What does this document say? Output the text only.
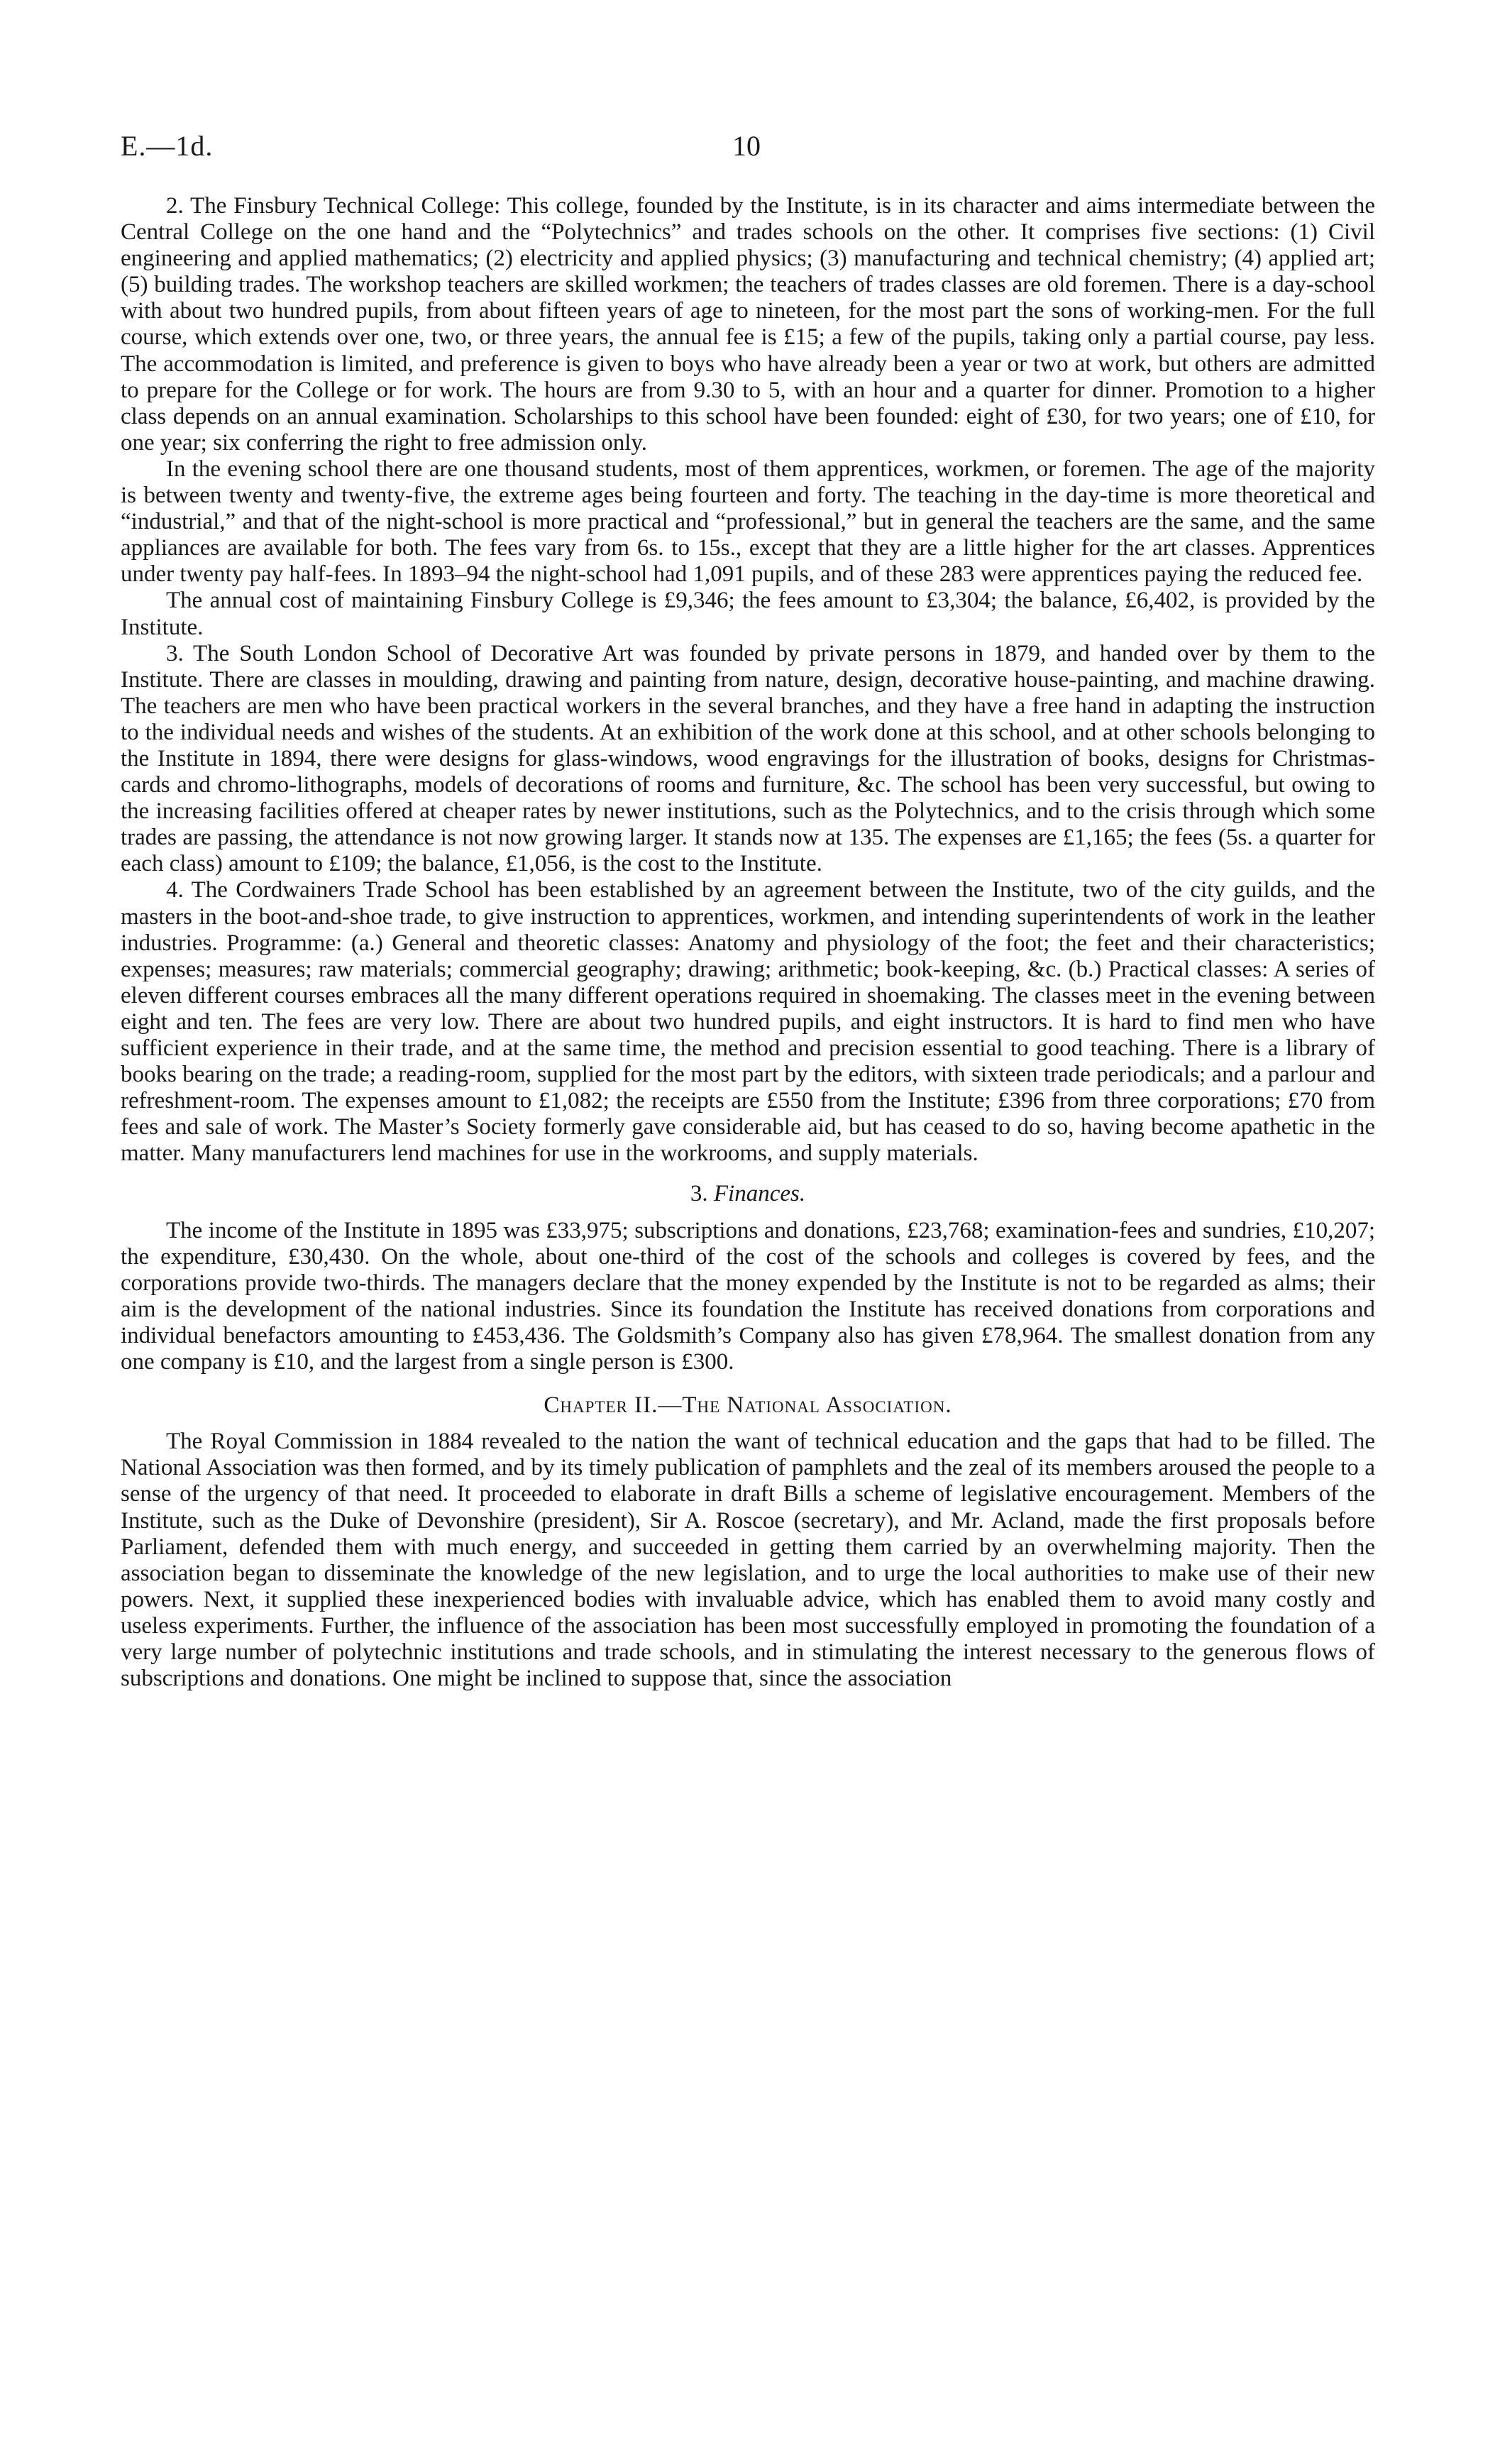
E.—1d.	10

2. The Finsbury Technical College: This college, founded by the Institute, is in its character and aims intermediate between the Central College on the one hand and the “Polytechnics” and trades schools on the other. It comprises five sections: (1) Civil engineering and applied mathematics; (2) electricity and applied physics; (3) manufacturing and technical chemistry; (4) applied art; (5) building trades. The workshop teachers are skilled workmen; the teachers of trades classes are old foremen. There is a day-school with about two hundred pupils, from about fifteen years of age to nineteen, for the most part the sons of working-men. For the full course, which extends over one, two, or three years, the annual fee is £15; a few of the pupils, taking only a partial course, pay less. The accommodation is limited, and preference is given to boys who have already been a year or two at work, but others are admitted to prepare for the College or for work. The hours are from 9.30 to 5, with an hour and a quarter for dinner. Promotion to a higher class depends on an annual examination. Scholarships to this school have been founded: eight of £30, for two years; one of £10, for one year; six conferring the right to free admission only.

In the evening school there are one thousand students, most of them apprentices, workmen, or foremen. The age of the majority is between twenty and twenty-five, the extreme ages being fourteen and forty. The teaching in the day-time is more theoretical and “industrial,” and that of the night-school is more practical and “professional,” but in general the teachers are the same, and the same appliances are available for both. The fees vary from 6s. to 15s., except that they are a little higher for the art classes. Apprentices under twenty pay half-fees. In 1893–94 the night-school had 1,091 pupils, and of these 283 were apprentices paying the reduced fee.

The annual cost of maintaining Finsbury College is £9,346; the fees amount to £3,304; the balance, £6,402, is provided by the Institute.

3. The South London School of Decorative Art was founded by private persons in 1879, and handed over by them to the Institute. There are classes in moulding, drawing and painting from nature, design, decorative house-painting, and machine drawing. The teachers are men who have been practical workers in the several branches, and they have a free hand in adapting the instruction to the individual needs and wishes of the students. At an exhibition of the work done at this school, and at other schools belonging to the Institute in 1894, there were designs for glass-windows, wood engravings for the illustration of books, designs for Christmas-cards and chromo-lithographs, models of decorations of rooms and furniture, &c. The school has been very successful, but owing to the increasing facilities offered at cheaper rates by newer institutions, such as the Polytechnics, and to the crisis through which some trades are passing, the attendance is not now growing larger. It stands now at 135. The expenses are £1,165; the fees (5s. a quarter for each class) amount to £109; the balance, £1,056, is the cost to the Institute.

4. The Cordwainers Trade School has been established by an agreement between the Institute, two of the city guilds, and the masters in the boot-and-shoe trade, to give instruction to apprentices, workmen, and intending superintendents of work in the leather industries. Programme: (a.) General and theoretic classes: Anatomy and physiology of the foot; the feet and their characteristics; expenses; measures; raw materials; commercial geography; drawing; arithmetic; book-keeping, &c. (b.) Practical classes: A series of eleven different courses embraces all the many different operations required in shoemaking. The classes meet in the evening between eight and ten. The fees are very low. There are about two hundred pupils, and eight instructors. It is hard to find men who have sufficient experience in their trade, and at the same time, the method and precision essential to good teaching. There is a library of books bearing on the trade; a reading-room, supplied for the most part by the editors, with sixteen trade periodicals; and a parlour and refreshment-room. The expenses amount to £1,082; the receipts are £550 from the Institute; £396 from three corporations; £70 from fees and sale of work. The Master’s Society formerly gave considerable aid, but has ceased to do so, having become apathetic in the matter. Many manufacturers lend machines for use in the workrooms, and supply materials.

3. Finances.

The income of the Institute in 1895 was £33,975; subscriptions and donations, £23,768; examination-fees and sundries, £10,207; the expenditure, £30,430. On the whole, about one-third of the cost of the schools and colleges is covered by fees, and the corporations provide two-thirds. The managers declare that the money expended by the Institute is not to be regarded as alms; their aim is the development of the national industries. Since its foundation the Institute has received donations from corporations and individual benefactors amounting to £453,436. The Goldsmith’s Company also has given £78,964. The smallest donation from any one company is £10, and the largest from a single person is £300.

Chapter II.—The National Association.

The Royal Commission in 1884 revealed to the nation the want of technical education and the gaps that had to be filled. The National Association was then formed, and by its timely publication of pamphlets and the zeal of its members aroused the people to a sense of the urgency of that need. It proceeded to elaborate in draft Bills a scheme of legislative encouragement. Members of the Institute, such as the Duke of Devonshire (president), Sir A. Roscoe (secretary), and Mr. Acland, made the first proposals before Parliament, defended them with much energy, and succeeded in getting them carried by an overwhelming majority. Then the association began to disseminate the knowledge of the new legislation, and to urge the local authorities to make use of their new powers. Next, it supplied these inexperienced bodies with invaluable advice, which has enabled them to avoid many costly and useless experiments. Further, the influence of the association has been most successfully employed in promoting the foundation of a very large number of polytechnic institutions and trade schools, and in stimulating the interest necessary to the generous flows of subscriptions and donations. One might be inclined to suppose that, since the association
